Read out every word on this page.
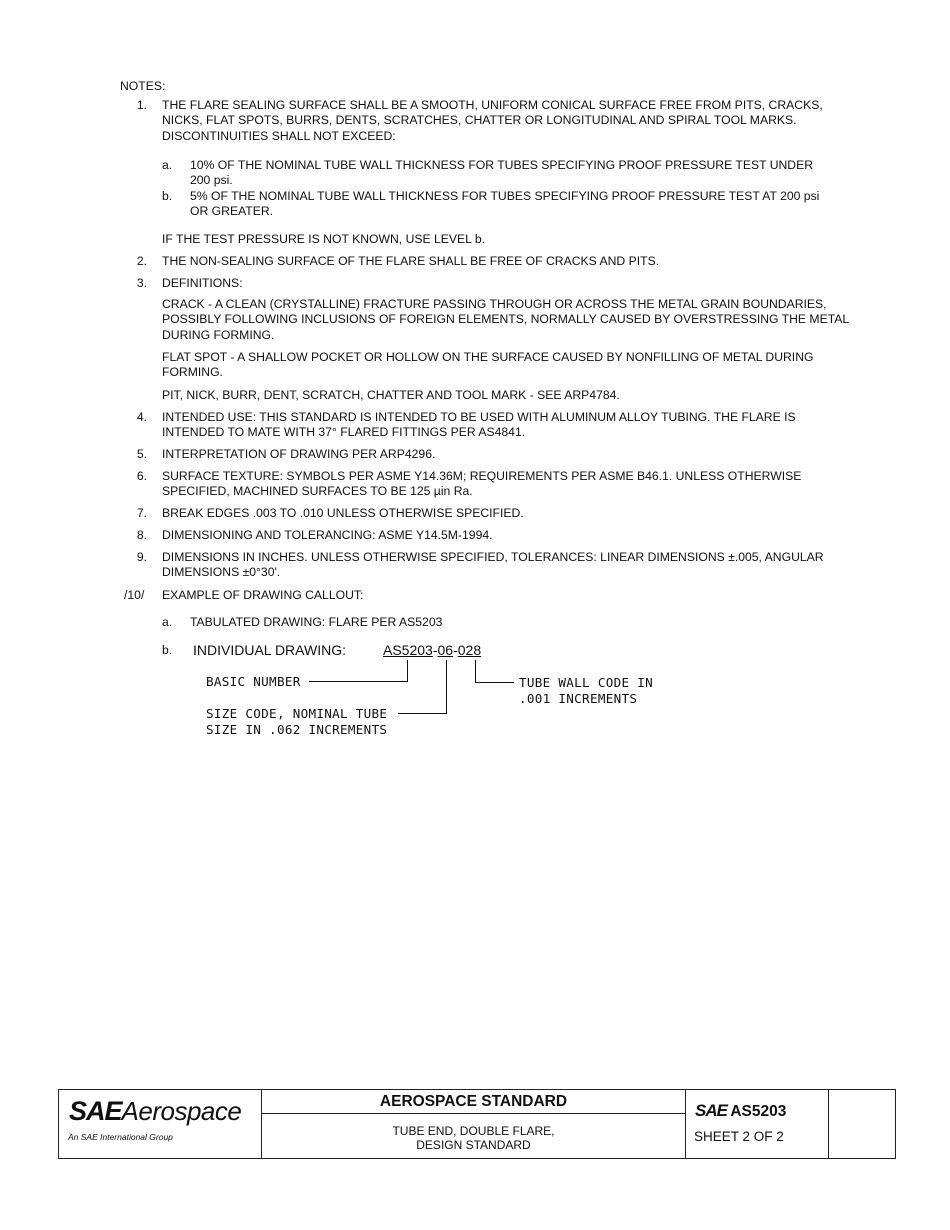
NOTES:
1. THE FLARE SEALING SURFACE SHALL BE A SMOOTH, UNIFORM CONICAL SURFACE FREE FROM PITS, CRACKS, NICKS, FLAT SPOTS, BURRS, DENTS, SCRATCHES, CHATTER OR LONGITUDINAL AND SPIRAL TOOL MARKS. DISCONTINUITIES SHALL NOT EXCEED:
a. 10% OF THE NOMINAL TUBE WALL THICKNESS FOR TUBES SPECIFYING PROOF PRESSURE TEST UNDER 200 psi.
b. 5% OF THE NOMINAL TUBE WALL THICKNESS FOR TUBES SPECIFYING PROOF PRESSURE TEST AT 200 psi OR GREATER.
IF THE TEST PRESSURE IS NOT KNOWN, USE LEVEL b.
2. THE NON-SEALING SURFACE OF THE FLARE SHALL BE FREE OF CRACKS AND PITS.
3. DEFINITIONS:
CRACK - A CLEAN (CRYSTALLINE) FRACTURE PASSING THROUGH OR ACROSS THE METAL GRAIN BOUNDARIES, POSSIBLY FOLLOWING INCLUSIONS OF FOREIGN ELEMENTS, NORMALLY CAUSED BY OVERSTRESSING THE METAL DURING FORMING.
FLAT SPOT - A SHALLOW POCKET OR HOLLOW ON THE SURFACE CAUSED BY NONFILLING OF METAL DURING FORMING.
PIT, NICK, BURR, DENT, SCRATCH, CHATTER AND TOOL MARK - SEE ARP4784.
4. INTENDED USE: THIS STANDARD IS INTENDED TO BE USED WITH ALUMINUM ALLOY TUBING. THE FLARE IS INTENDED TO MATE WITH 37° FLARED FITTINGS PER AS4841.
5. INTERPRETATION OF DRAWING PER ARP4296.
6. SURFACE TEXTURE: SYMBOLS PER ASME Y14.36M; REQUIREMENTS PER ASME B46.1. UNLESS OTHERWISE SPECIFIED, MACHINED SURFACES TO BE 125 µin Ra.
7. BREAK EDGES .003 TO .010 UNLESS OTHERWISE SPECIFIED.
8. DIMENSIONING AND TOLERANCING: ASME Y14.5M-1994.
9. DIMENSIONS IN INCHES. UNLESS OTHERWISE SPECIFIED, TOLERANCES: LINEAR DIMENSIONS ±.005, ANGULAR DIMENSIONS ±0°30'.
/10/ EXAMPLE OF DRAWING CALLOUT:
a. TABULATED DRAWING: FLARE PER AS5203
b. INDIVIDUAL DRAWING:	AS5203-06-028
BASIC NUMBER
SIZE CODE, NOMINAL TUBE
SIZE IN .062 INCREMENTS
TUBE WALL CODE IN
.001 INCREMENTS
SAEAerospace
An SAE International Group
AEROSPACE STANDARD
TUBE END, DOUBLE FLARE,
DESIGN STANDARD
SAE AS5203
SHEET 2 OF 2
